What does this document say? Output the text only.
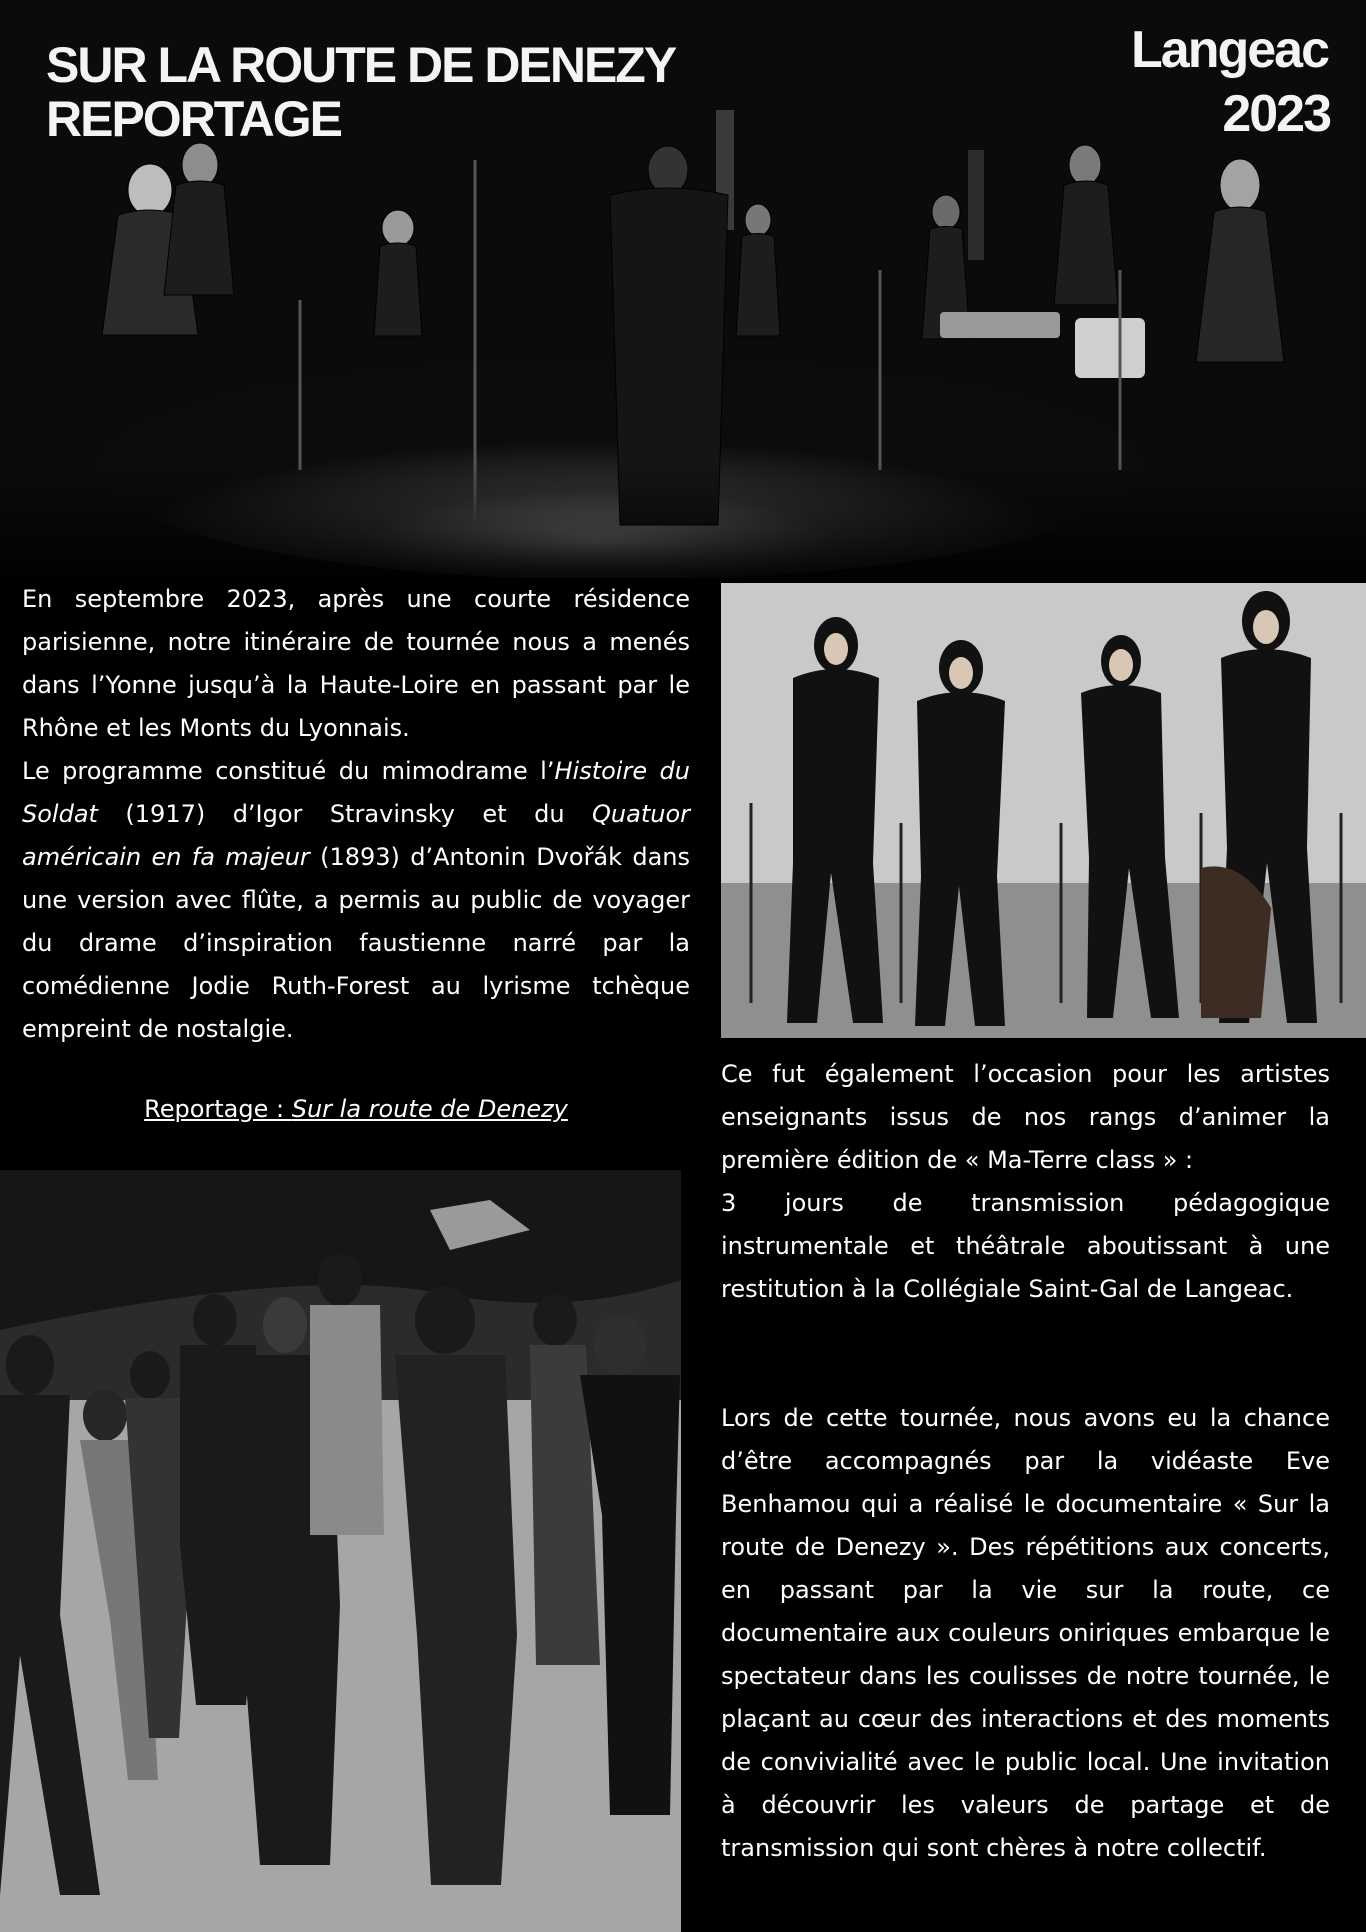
SUR LA ROUTE DE DENEZY
REPORTAGE
Langeac
2023
En septembre 2023, après une courte résidence parisienne, notre itinéraire de tournée nous a menés dans l’Yonne jusqu’à la Haute-Loire en passant par le Rhône et les Monts du Lyonnais.
Le programme constitué du mimodrame l’Histoire du Soldat (1917) d’Igor Stravinsky et du Quatuor américain en fa majeur (1893) d’Antonin Dvořák dans une version avec flûte, a permis au public de voyager du drame d’inspiration faustienne narré par la comédienne Jodie Ruth-Forest au lyrisme tchèque empreint de nostalgie.
Reportage : Sur la route de Denezy
Ce fut également l’occasion pour les artistes enseignants issus de nos rangs d’animer la première édition de « Ma-Terre class » :
3 jours de transmission pédagogique instrumentale et théâtrale aboutissant à une restitution à la Collégiale Saint-Gal de Langeac.
Lors de cette tournée, nous avons eu la chance d’être accompagnés par la vidéaste Eve Benhamou qui a réalisé le documentaire « Sur la route de Denezy ». Des répétitions aux concerts, en passant par la vie sur la route, ce documentaire aux couleurs oniriques embarque le spectateur dans les coulisses de notre tournée, le plaçant au cœur des interactions et des moments de convivialité avec le public local. Une invitation à découvrir les valeurs de partage et de transmission qui sont chères à notre collectif.
